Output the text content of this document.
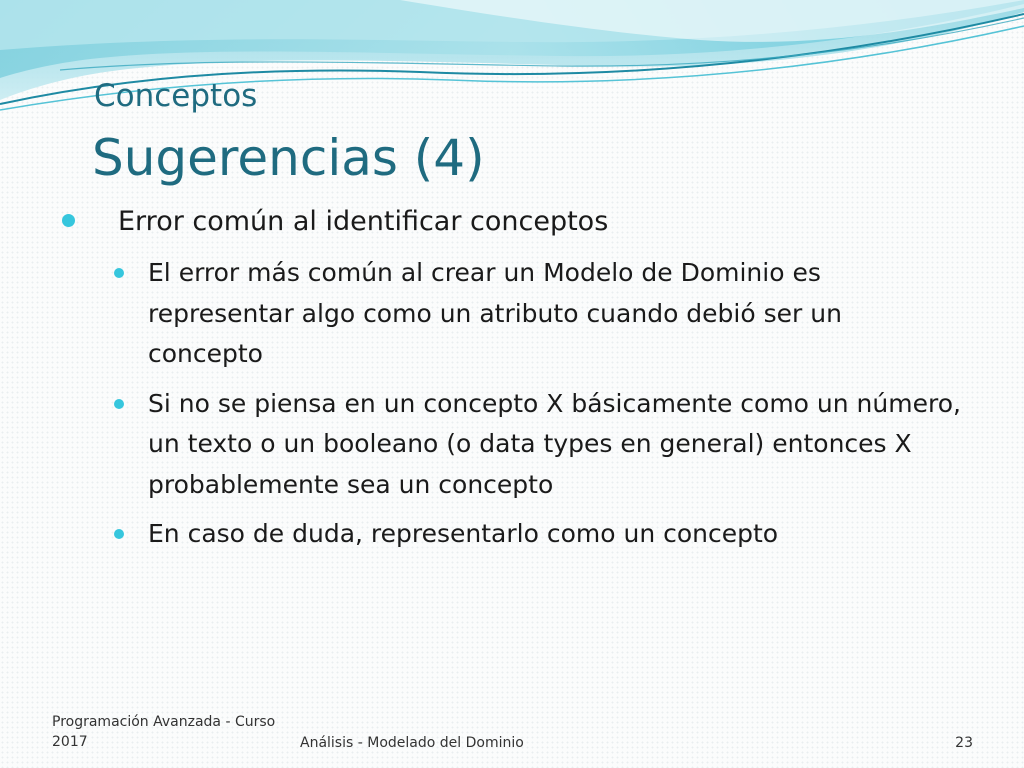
Conceptos
Sugerencias (4)
Error común al identificar conceptos
El error más común al crear un Modelo de Dominio es representar algo como un atributo cuando debió ser un concepto
Si no se piensa en un concepto X básicamente como un número, un texto o un booleano (o data types en general) entonces X probablemente sea un concepto
En caso de duda, representarlo como un concepto
Programación Avanzada - Curso 2017	Análisis - Modelado del Dominio	23
